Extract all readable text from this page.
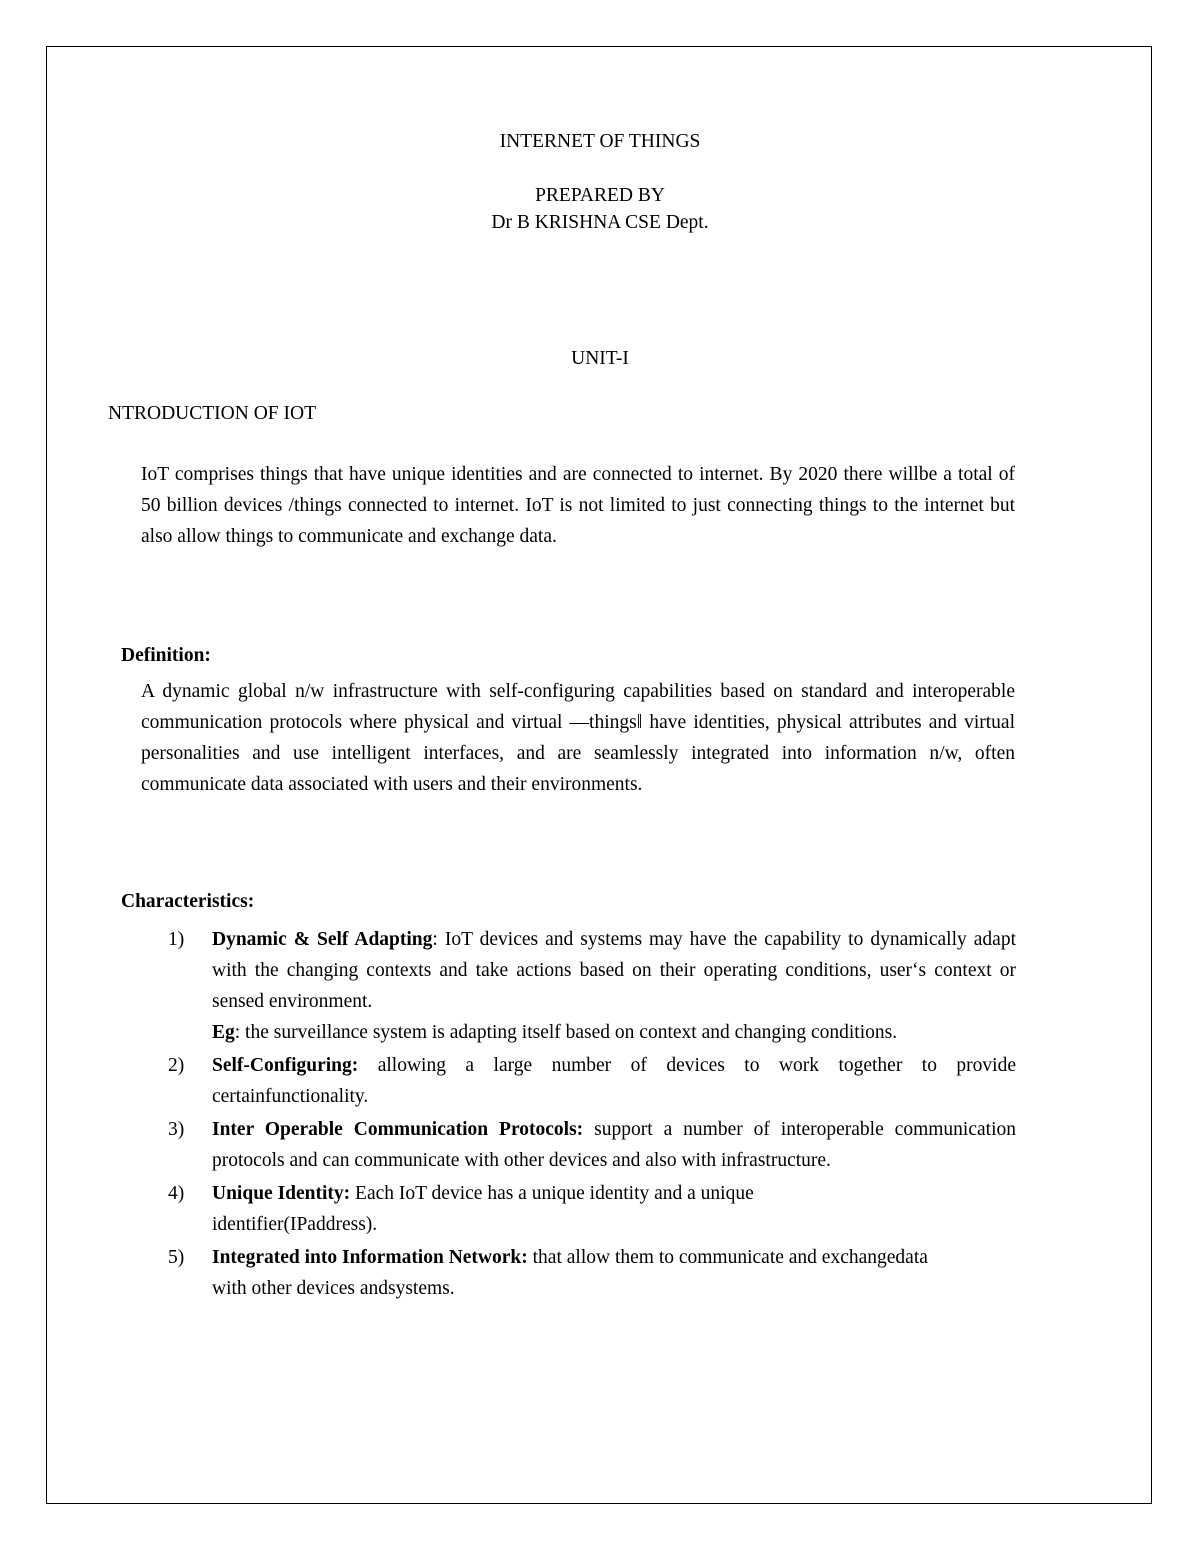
INTERNET OF THINGS
PREPARED BY
Dr B KRISHNA CSE Dept.
UNIT-I
NTRODUCTION OF IOT
IoT comprises things that have unique identities and are connected to internet. By 2020 there willbe a total of 50 billion devices /things connected to internet. IoT is not limited to just connecting things to the internet but also allow things to communicate and exchange data.
Definition:
A dynamic global n/w infrastructure with self-configuring capabilities based on standard and interoperable communication protocols where physical and virtual ―things‖ have identities, physical attributes and virtual personalities and use intelligent interfaces, and are seamlessly integrated into information n/w, often communicate data associated with users and their environments.
Characteristics:
1) Dynamic & Self Adapting: IoT devices and systems may have the capability to dynamically adapt with the changing contexts and take actions based on their operating conditions, user‘s context or sensed environment.
Eg: the surveillance system is adapting itself based on context and changing conditions.
2) Self-Configuring: allowing a large number of devices to work together to provide certainfunctionality.
3) Inter Operable Communication Protocols: support a number of interoperable communication protocols and can communicate with other devices and also with infrastructure.
4) Unique Identity: Each IoT device has a unique identity and a unique identifier(IPaddress).
5) Integrated into Information Network: that allow them to communicate and exchangedata with other devices andsystems.
